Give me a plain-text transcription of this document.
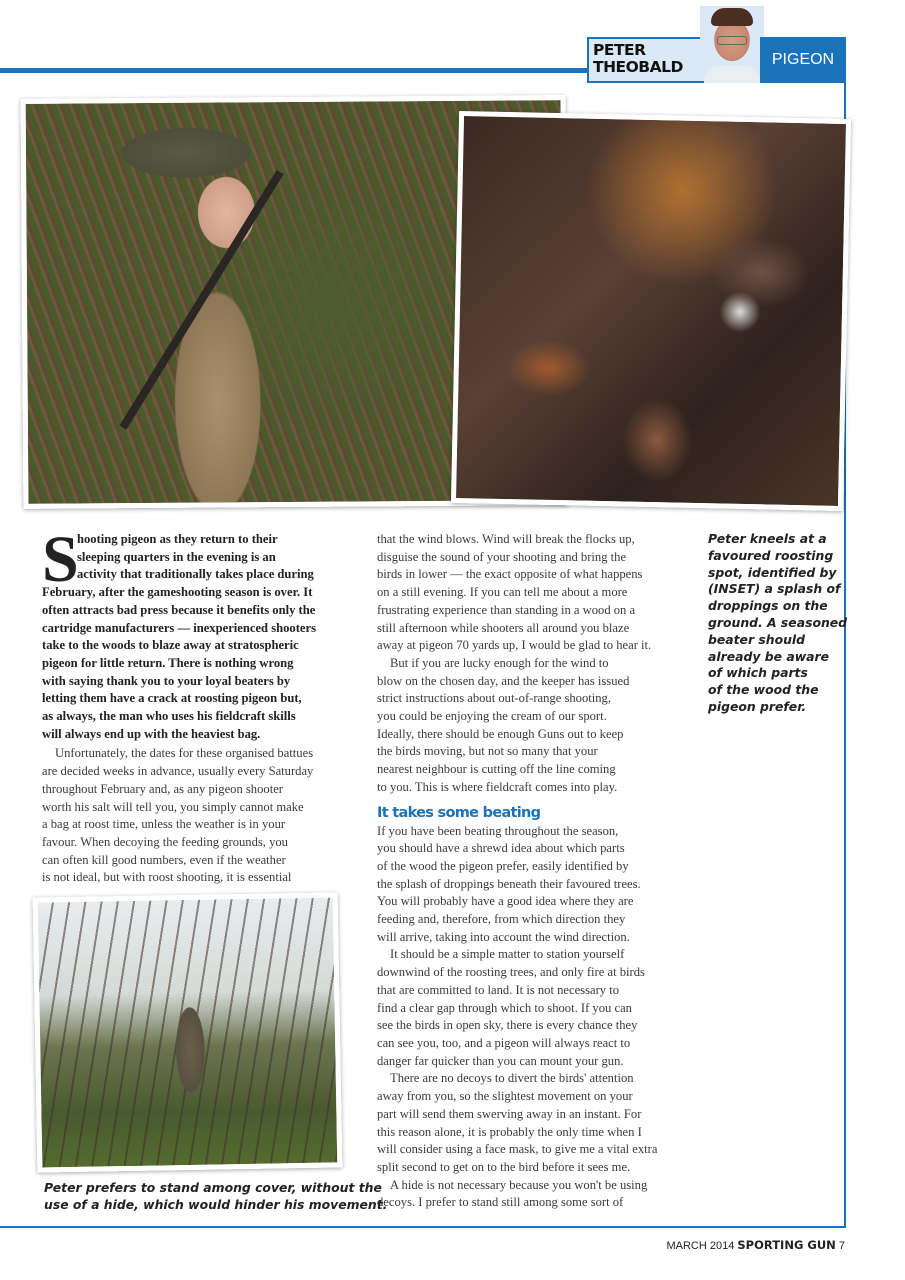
PETER
THEOBALD	PIGEON
S
hooting pigeon as they return to their
sleeping quarters in the evening is an
activity that traditionally takes place during
February, after the gameshooting season is over. It
often attracts bad press because it benefits only the
cartridge manufacturers — inexperienced shooters
take to the woods to blaze away at stratospheric
pigeon for little return. There is nothing wrong
with saying thank you to your loyal beaters by
letting them have a crack at roosting pigeon but,
as always, the man who uses his fieldcraft skills
will always end up with the heaviest bag.
Unfortunately, the dates for these organised battues
are decided weeks in advance, usually every Saturday
throughout February and, as any pigeon shooter
worth his salt will tell you, you simply cannot make
a bag at roost time, unless the weather is in your
favour. When decoying the feeding grounds, you
can often kill good numbers, even if the weather
is not ideal, but with roost shooting, it is essential
that the wind blows. Wind will break the flocks up,
disguise the sound of your shooting and bring the
birds in lower — the exact opposite of what happens
on a still evening. If you can tell me about a more
frustrating experience than standing in a wood on a
still afternoon while shooters all around you blaze
away at pigeon 70 yards up, I would be glad to hear it.
But if you are lucky enough for the wind to
blow on the chosen day, and the keeper has issued
strict instructions about out-of-range shooting,
you could be enjoying the cream of our sport.
Ideally, there should be enough Guns out to keep
the birds moving, but not so many that your
nearest neighbour is cutting off the line coming
to you. This is where fieldcraft comes into play.
It takes some beating
If you have been beating throughout the season,
you should have a shrewd idea about which parts
of the wood the pigeon prefer, easily identified by
the splash of droppings beneath their favoured trees.
You will probably have a good idea where they are
feeding and, therefore, from which direction they
will arrive, taking into account the wind direction.
It should be a simple matter to station yourself
downwind of the roosting trees, and only fire at birds
that are committed to land. It is not necessary to
find a clear gap through which to shoot. If you can
see the birds in open sky, there is every chance they
can see you, too, and a pigeon will always react to
danger far quicker than you can mount your gun.
There are no decoys to divert the birds' attention
away from you, so the slightest movement on your
part will send them swerving away in an instant. For
this reason alone, it is probably the only time when I
will consider using a face mask, to give me a vital extra
split second to get on to the bird before it sees me.
A hide is not necessary because you won't be using
decoys. I prefer to stand still among some sort of
Peter kneels at a
favoured roosting
spot, identified by
(INSET) a splash of
droppings on the
ground. A seasoned
beater should
already be aware
of which parts
of the wood the
pigeon prefer.
Peter prefers to stand among cover, without the
use of a hide, which would hinder his movement.
MARCH 2014 SPORTING GUN 7
